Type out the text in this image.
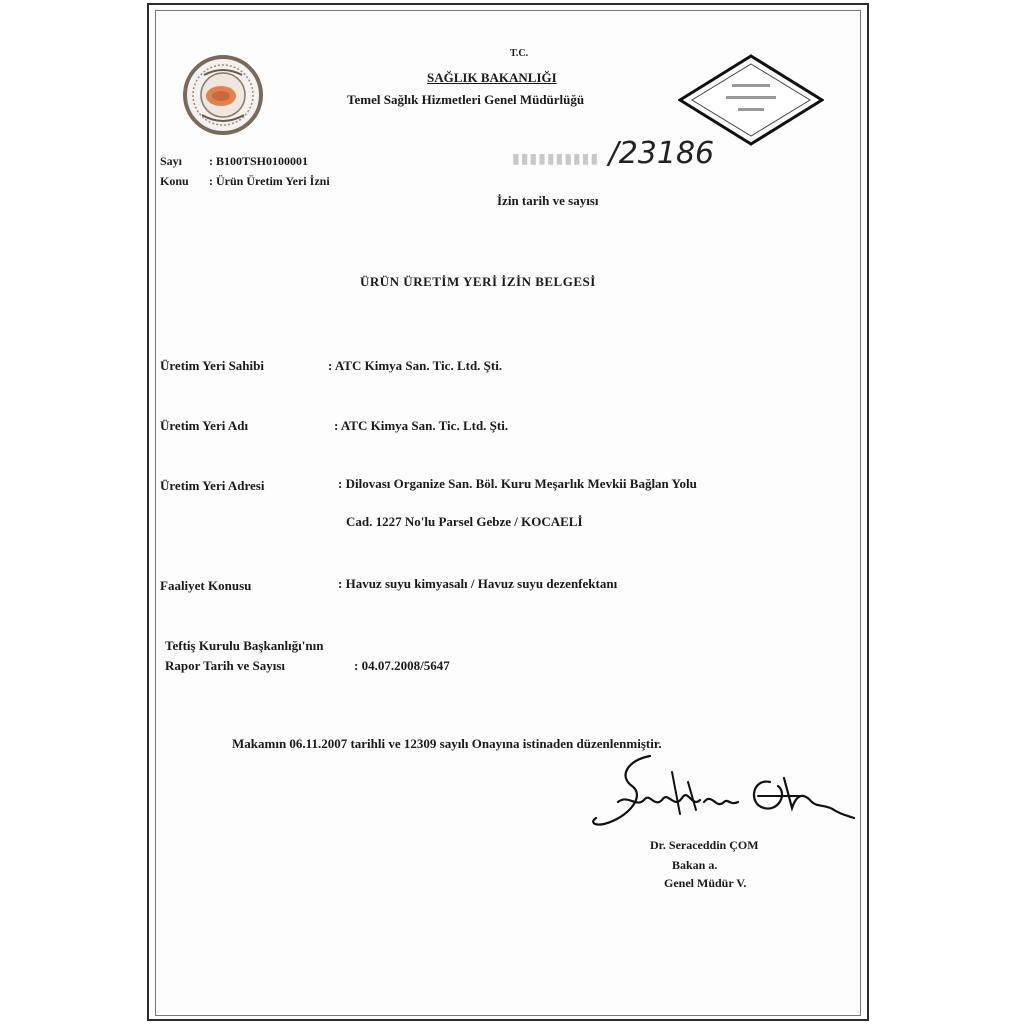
T.C.
SAĞLIK BAKANLIĞI
Temel Sağlık Hizmetleri Genel Müdürlüğü
Sayı : B100TSH0100001
Konu : Ürün Üretim Yeri İzni
▮▮▮▮▮▮▮▮▮▮ /23186
İzin tarih ve sayısı
ÜRÜN ÜRETİM YERİ İZİN BELGESİ
Üretim Yeri Sahibi	: ATC Kimya San. Tic. Ltd. Şti.
Üretim Yeri Adı	: ATC Kimya San. Tic. Ltd. Şti.
Üretim Yeri Adresi	: Dilovası Organize San. Böl. Kuru Meşarlık Mevkii Bağlan Yolu
Cad. 1227 No'lu Parsel Gebze / KOCAELİ
Faaliyet Konusu	: Havuz suyu kimyasalı / Havuz suyu dezenfektanı
Teftiş Kurulu Başkanlığı'nın
Rapor Tarih ve Sayısı	: 04.07.2008/5647
Makamın 06.11.2007 tarihli ve 12309 sayılı Onayına istinaden düzenlenmiştir.
Dr. Seraceddin ÇOM
Bakan a.
Genel Müdür V.
